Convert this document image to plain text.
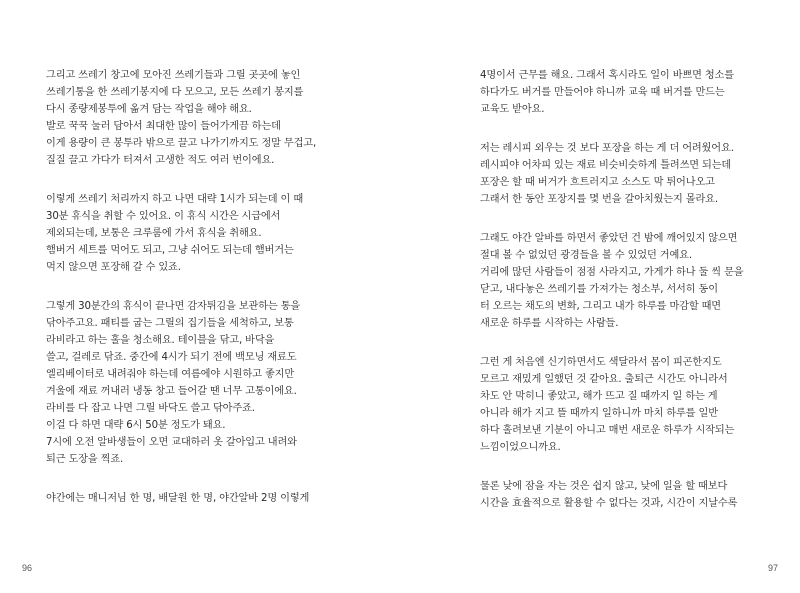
그리고 쓰레기 창고에 모아진 쓰레기들과 그릴 곳곳에 놓인
쓰레기통을 한 쓰레기봉지에 다 모으고, 모든 쓰레기 봉지를
다시 종량제봉투에 옮겨 담는 작업을 해야 해요.
발로 꾹꾹 눌러 담아서 최대한 많이 들어가게끔 하는데
이게 용량이 큰 봉투라 밖으로 끌고 나가기까지도 정말 무겁고,
질질 끌고 가다가 터져서 고생한 적도 여러 번이에요.
이렇게 쓰레기 처리까지 하고 나면 대략 1시가 되는데 이 때
30분 휴식을 취할 수 있어요. 이 휴식 시간은 시급에서
제외되는데, 보통은 크루룸에 가서 휴식을 취해요.
햄버거 세트를 먹어도 되고, 그냥 쉬어도 되는데 햄버거는
먹지 않으면 포장해 갈 수 있죠.
그렇게 30분간의 휴식이 끝나면 감자튀김을 보관하는 통을
닦아주고요. 패티를 굽는 그릴의 집기들을 세척하고, 보통
라비라고 하는 홀을 청소해요. 테이블을 닦고, 바닥을
쓸고, 걸레로 닦죠. 중간에 4시가 되기 전에 백모닝 재료도
엘리베이터로 내려줘야 하는데 여름에야 시원하고 좋지만
겨울에 재료 꺼내러 냉동 창고 들어갈 땐 너무 고통이에요.
라비를 다 잡고 나면 그릴 바닥도 쓸고 닦아주죠.
이걸 다 하면 대략 6시 50분 정도가 돼요.
7시에 오전 알바생들이 오면 교대하러 옷 갈아입고 내려와
퇴근 도장을 찍죠.
야간에는 매니저님 한 명, 배달원 한 명, 야간알바 2명 이렇게
96
4명이서 근무를 해요. 그래서 혹시라도 일이 바쁘면 청소를
하다가도 버거를 만들어야 하니까 교육 때 버거를 만드는
교육도 받아요.
저는 레시피 외우는 것 보다 포장을 하는 게 더 어려웠어요.
레시피야 어차피 있는 재료 비슷비슷하게 틀려쓰면 되는데
포장은 할 때 버거가 흐트러지고 소스도 막 튀어나오고
그래서 한 동안 포장지를 몇 번을 갈아치웠는지 몰라요.
그래도 야간 알바를 하면서 좋았던 건 밤에 깨어있지 않으면
절대 볼 수 없었던 광경들을 볼 수 있었던 거예요.
거리에 많던 사람들이 점점 사라지고, 가게가 하나 둘 씩 문을
닫고, 내다놓은 쓰레기를 가져가는 청소부, 서서히 동이
터 오르는 채도의 변화, 그리고 내가 하루를 마감할 때면
새로운 하루를 시작하는 사람들.
그런 게 처음엔 신기하면서도 색달라서 몸이 피곤한지도
모르고 재밌게 일했던 것 같아요. 출퇴근 시간도 아니라서
차도 안 막히니 좋았고, 해가 뜨고 질 때까지 일 하는 게
아니라 해가 지고 뜰 때까지 일하니까 마치 하루를 일반
하다 홀려보낸 기분이 아니고 매번 새로운 하루가 시작되는
느낌이었으니까요.
물론 낮에 잠을 자는 것은 쉽지 않고, 낮에 일을 할 때보다
시간을 효율적으로 활용할 수 없다는 것과, 시간이 지날수록
97
